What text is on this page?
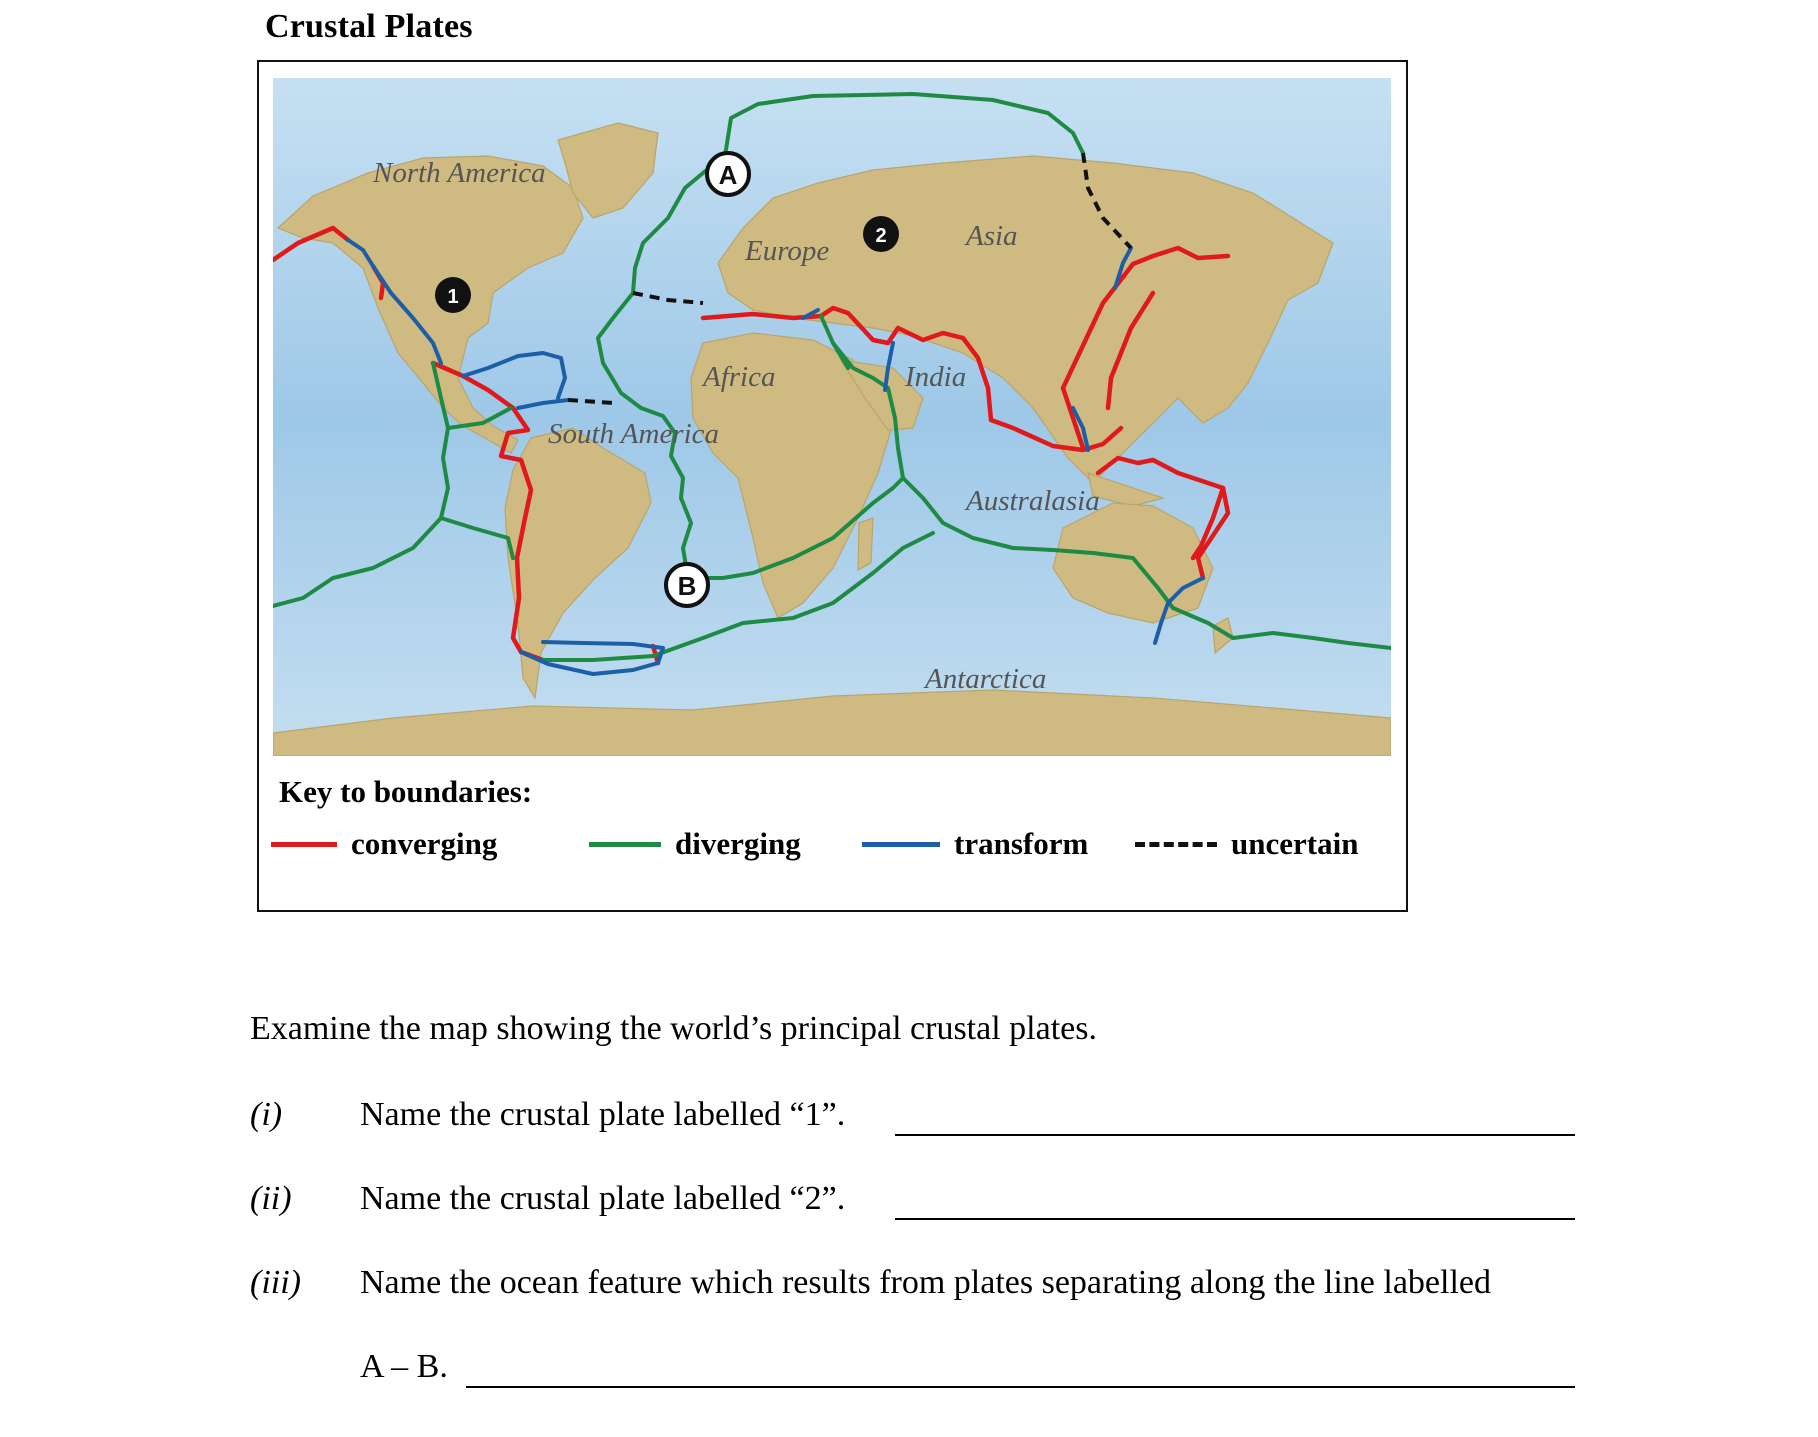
Crustal Plates
North America
Europe	Asia
Africa	India
South America
Australasia
Antarctica
1
2
A
B
Key to boundaries:
converging	diverging	transform	uncertain
Examine the map showing the world’s principal crustal plates.
(i) Name the crustal plate labelled “1”.
(ii) Name the crustal plate labelled “2”.
(iii) Name the ocean feature which results from plates separating along the line labelled
A – B.
